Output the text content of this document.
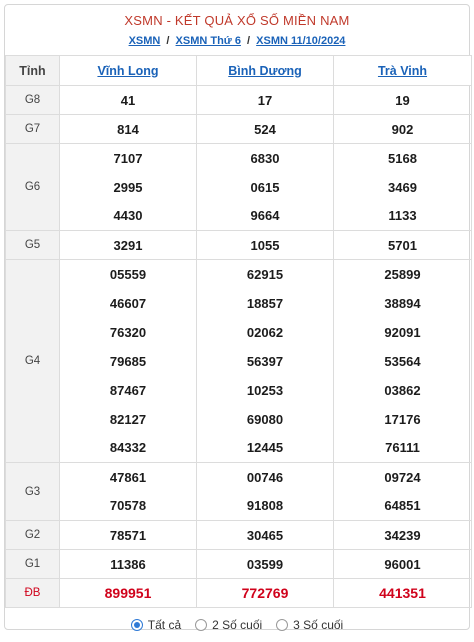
XSMN - KẾT QUẢ XỔ SỐ MIỀN NAM
XSMN / XSMN Thứ 6 / XSMN 11/10/2024
Tỉnh	Vĩnh Long	Bình Dương	Trà Vinh
G8	41	17	19
G7	814	524	902
G6	7107	6830	5168
	2995	0615	3469
	4430	9664	1133
G5	3291	1055	5701
G4	05559	62915	25899
	46607	18857	38894
	76320	02062	92091
	79685	56397	53564
	87467	10253	03862
	82127	69080	17176
	84332	12445	76111
G3	47861	00746	09724
	70578	91808	64851
G2	78571	30465	34239
G1	11386	03599	96001
ĐB	899951	772769	441351
Tất cả	2 Số cuối	3 Số cuối
